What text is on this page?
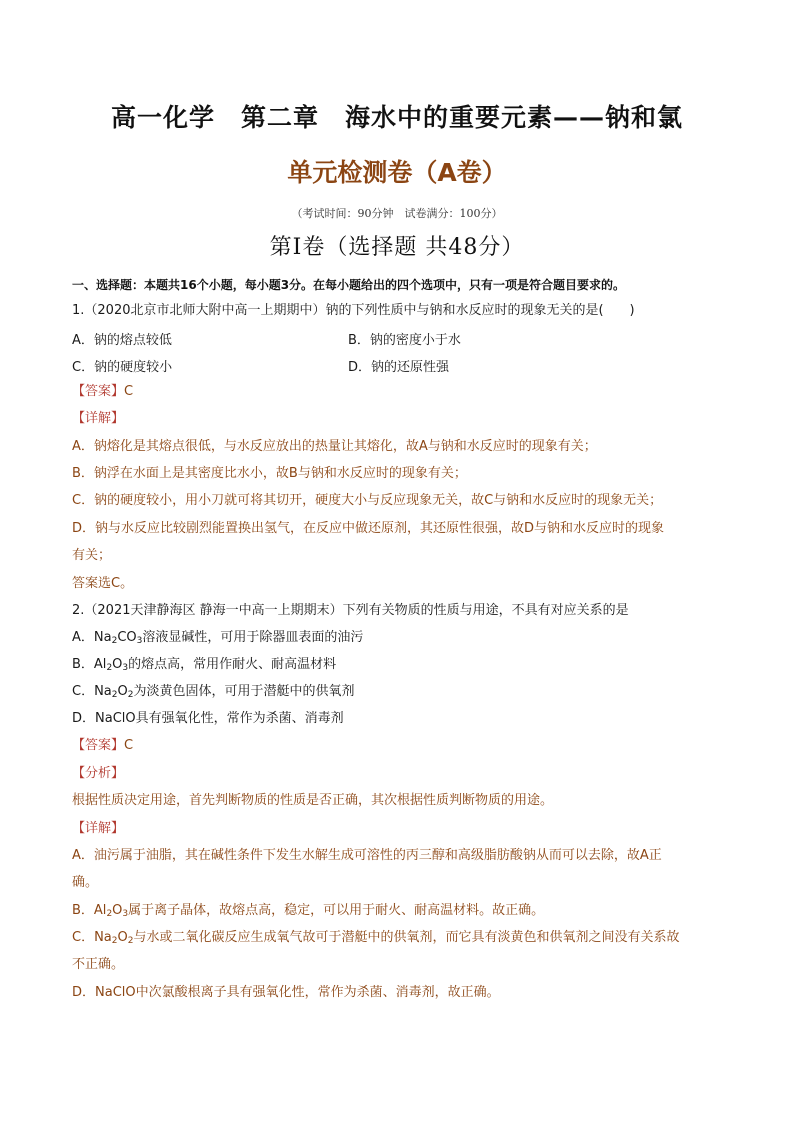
高一化学　第二章　海水中的重要元素——钠和氯
单元检测卷（A卷）
（考试时间：90分钟　试卷满分：100分）
第Ⅰ卷（选择题 共48分）
一、选择题：本题共16个小题，每小题3分。在每小题给出的四个选项中，只有一项是符合题目要求的。
1.（2020北京市北师大附中高一上期期中）钠的下列性质中与钠和水反应时的现象无关的是(　　)
A．钠的熔点较低	B．钠的密度小于水
C．钠的硬度较小	D．钠的还原性强
【答案】C
【详解】
A．钠熔化是其熔点很低，与水反应放出的热量让其熔化，故A与钠和水反应时的现象有关；
B．钠浮在水面上是其密度比水小，故B与钠和水反应时的现象有关；
C．钠的硬度较小，用小刀就可将其切开，硬度大小与反应现象无关，故C与钠和水反应时的现象无关；
D．钠与水反应比较剧烈能置换出氢气，在反应中做还原剂，其还原性很强，故D与钠和水反应时的现象
有关；
答案选C。
2.（2021天津静海区 静海一中高一上期期末）下列有关物质的性质与用途，不具有对应关系的是
A．$Na_2CO_3$溶液显碱性，可用于除器皿表面的油污
B．$Al_2O_3$的熔点高，常用作耐火、耐高温材料
C．$Na_2O_2$为淡黄色固体，可用于潜艇中的供氧剂
D．NaClO具有强氧化性，常作为杀菌、消毒剂
【答案】C
【分析】
根据性质决定用途，首先判断物质的性质是否正确，其次根据性质判断物质的用途。
【详解】
A．油污属于油脂，其在碱性条件下发生水解生成可溶性的丙三醇和高级脂肪酸钠从而可以去除，故A正
确。
B．$Al_2O_3$属于离子晶体，故熔点高，稳定，可以用于耐火、耐高温材料。故正确。
C．$Na_2O_2$与水或二氧化碳反应生成氧气故可于潜艇中的供氧剂，而它具有淡黄色和供氧剂之间没有关系故
不正确。
D．NaClO中次氯酸根离子具有强氧化性，常作为杀菌、消毒剂，故正确。
